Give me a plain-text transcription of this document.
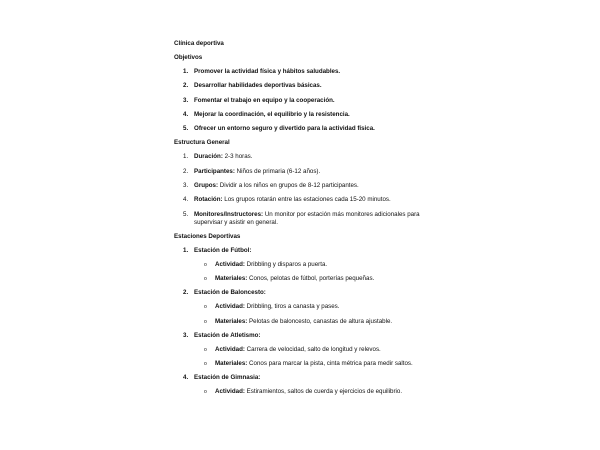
Clínica deportiva
Objetivos
1. Promover la actividad física y hábitos saludables.
2. Desarrollar habilidades deportivas básicas.
3. Fomentar el trabajo en equipo y la cooperación.
4. Mejorar la coordinación, el equilibrio y la resistencia.
5. Ofrecer un entorno seguro y divertido para la actividad física.
Estructura General
1. Duración: 2-3 horas.
2. Participantes: Niños de primaria (6-12 años).
3. Grupos: Dividir a los niños en grupos de 8-12 participantes.
4. Rotación: Los grupos rotarán entre las estaciones cada 15-20 minutos.
5. Monitores/Instructores: Un monitor por estación más monitores adicionales para supervisar y asistir en general.
Estaciones Deportivas
1. Estación de Fútbol:
o Actividad: Dribbling y disparos a puerta.
o Materiales: Conos, pelotas de fútbol, porterías pequeñas.
2. Estación de Baloncesto:
o Actividad: Dribbling, tiros a canasta y pases.
o Materiales: Pelotas de baloncesto, canastas de altura ajustable.
3. Estación de Atletismo:
o Actividad: Carrera de velocidad, salto de longitud y relevos.
o Materiales: Conos para marcar la pista, cinta métrica para medir saltos.
4. Estación de Gimnasia:
o Actividad: Estiramientos, saltos de cuerda y ejercicios de equilibrio.
